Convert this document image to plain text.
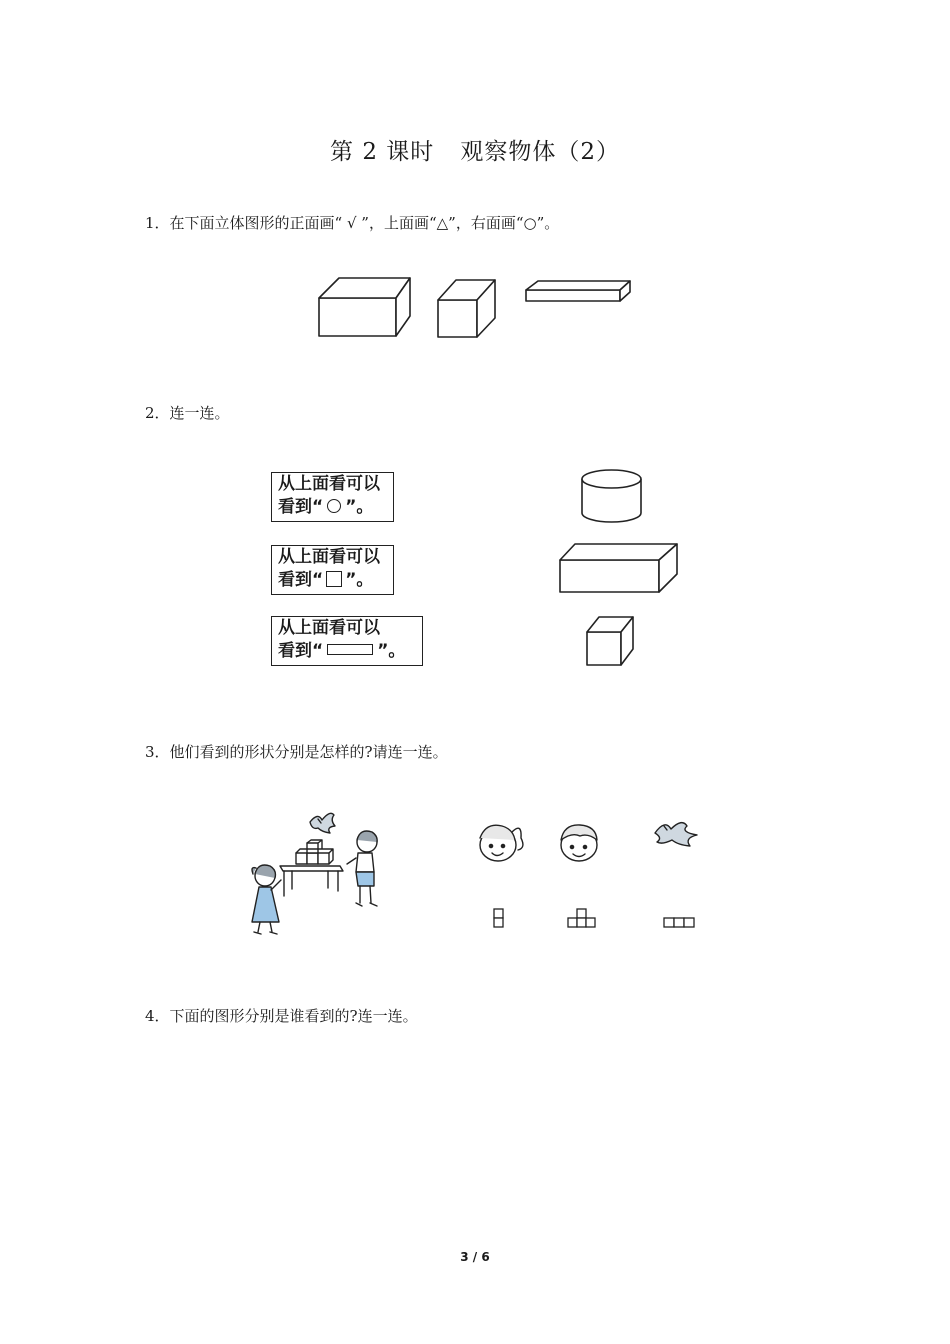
第 2 课时 观察物体（2）
1．在下面立体图形的正面画“ √ ”，上面画“△”，右面画“○”。
2．连一连。
从上面看可以
看到“ ”。
从上面看可以
看到“ ”。
从上面看可以
看到“	”。
3．他们看到的形状分别是怎样的?请连一连。
4．下面的图形分别是谁看到的?连一连。
3 / 6
